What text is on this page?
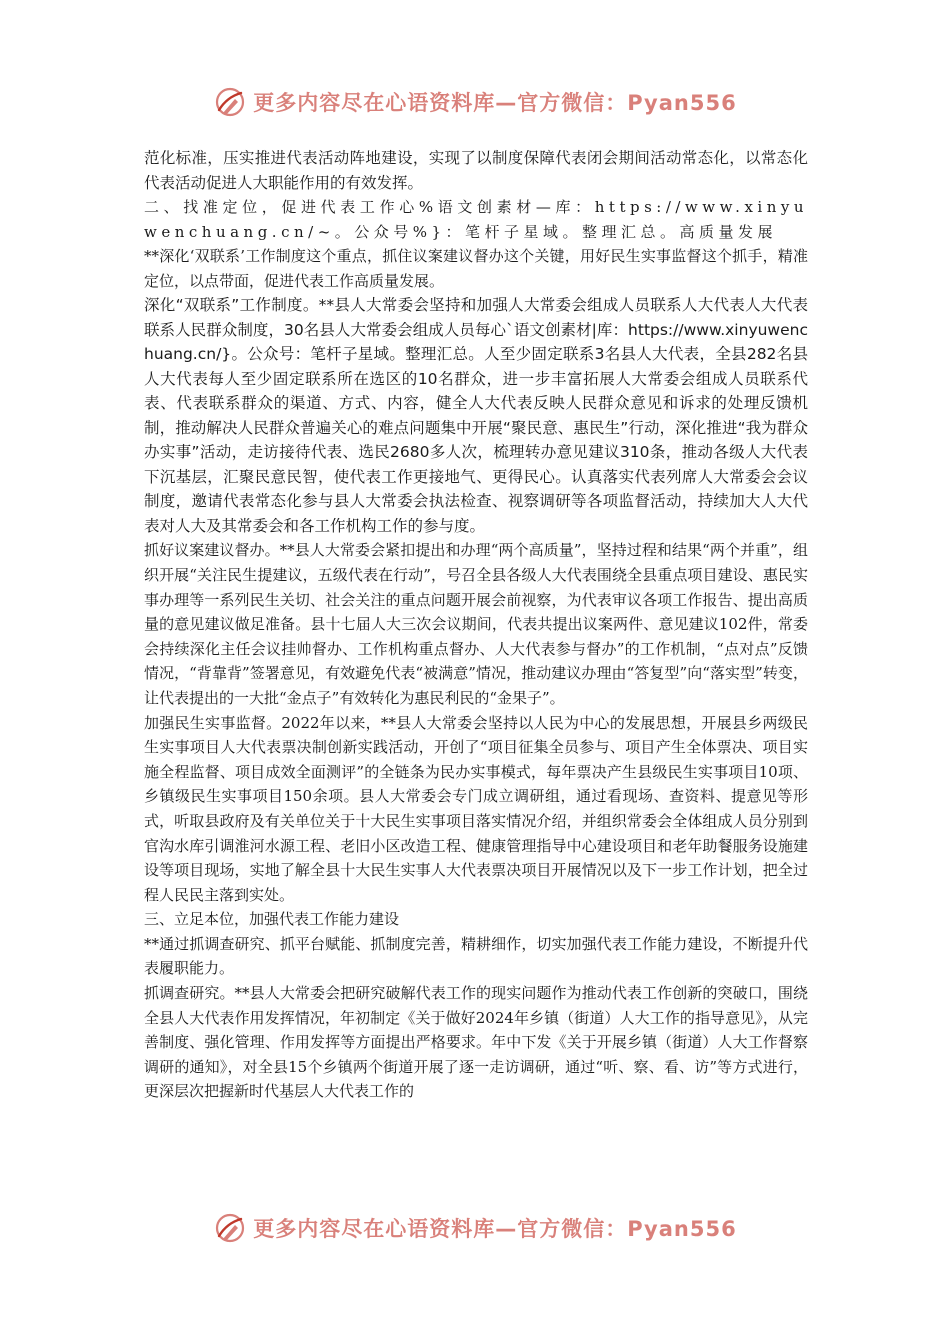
更多内容尽在心语资料库—官方微信：Pyan556

范化标准，压实推进代表活动阵地建设，实现了以制度保障代表闭会期间活动常态化，以常态化代表活动促进人大职能作用的有效发挥。

二、找准定位，促进代表工作心%语文创素材—库：https://www.xinyuwenchuang.cn/~。公众号%}：笔杆子星域。整理汇总。高质量发展

**深化‘双联系’工作制度这个重点，抓住议案建议督办这个关键，用好民生实事监督这个抓手，精准定位，以点带面，促进代表工作高质量发展。

深化“双联系”工作制度。**县人大常委会坚持和加强人大常委会组成人员联系人大代表人大代表联系人民群众制度，30名县人大常委会组成人员每心`语文创素材|库：https://www.xinyuwenchuang.cn/}。公众号：笔杆子星域。整理汇总。人至少固定联系3名县人大代表，全县282名县人大代表每人至少固定联系所在选区的10名群众，进一步丰富拓展人大常委会组成人员联系代表、代表联系群众的渠道、方式、内容，健全人大代表反映人民群众意见和诉求的处理反馈机制，推动解决人民群众普遍关心的难点问题集中开展“聚民意、惠民生”行动，深化推进“我为群众办实事”活动，走访接待代表、选民2680多人次，梳理转办意见建议310条，推动各级人大代表下沉基层，汇聚民意民智，使代表工作更接地气、更得民心。认真落实代表列席人大常委会会议制度，邀请代表常态化参与县人大常委会执法检查、视察调研等各项监督活动，持续加大人大代表对人大及其常委会和各工作机构工作的参与度。

抓好议案建议督办。**县人大常委会紧扣提出和办理“两个高质量”，坚持过程和结果“两个并重”，组织开展“关注民生提建议，五级代表在行动”，号召全县各级人大代表围绕全县重点项目建设、惠民实事办理等一系列民生关切、社会关注的重点问题开展会前视察，为代表审议各项工作报告、提出高质量的意见建议做足准备。县十七届人大三次会议期间，代表共提出议案两件、意见建议102件，常委会持续深化主任会议挂帅督办、工作机构重点督办、人大代表参与督办”的工作机制，“点对点”反馈情况，“背靠背”签署意见，有效避免代表“被满意”情况，推动建议办理由“答复型”向“落实型”转变，让代表提出的一大批“金点子”有效转化为惠民利民的“金果子”。

加强民生实事监督。2022年以来，**县人大常委会坚持以人民为中心的发展思想，开展县乡两级民生实事项目人大代表票决制创新实践活动，开创了“项目征集全员参与、项目产生全体票决、项目实施全程监督、项目成效全面测评”的全链条为民办实事模式，每年票决产生县级民生实事项目10项、乡镇级民生实事项目150余项。县人大常委会专门成立调研组，通过看现场、查资料、提意见等形式，听取县政府及有关单位关于十大民生实事项目落实情况介绍，并组织常委会全体组成人员分别到官沟水库引调淮河水源工程、老旧小区改造工程、健康管理指导中心建设项目和老年助餐服务设施建设等项目现场，实地了解全县十大民生实事人大代表票决项目开展情况以及下一步工作计划，把全过程人民民主落到实处。

三、立足本位，加强代表工作能力建设

**通过抓调查研究、抓平台赋能、抓制度完善，精耕细作，切实加强代表工作能力建设，不断提升代表履职能力。

抓调查研究。**县人大常委会把研究破解代表工作的现实问题作为推动代表工作创新的突破口，围绕全县人大代表作用发挥情况，年初制定《关于做好2024年乡镇（街道）人大工作的指导意见》，从完善制度、强化管理、作用发挥等方面提出严格要求。年中下发《关于开展乡镇（街道）人大工作督察调研的通知》，对全县15个乡镇两个街道开展了逐一走访调研，通过“听、察、看、访”等方式进行，更深层次把握新时代基层人大代表工作的

更多内容尽在心语资料库—官方微信：Pyan556
